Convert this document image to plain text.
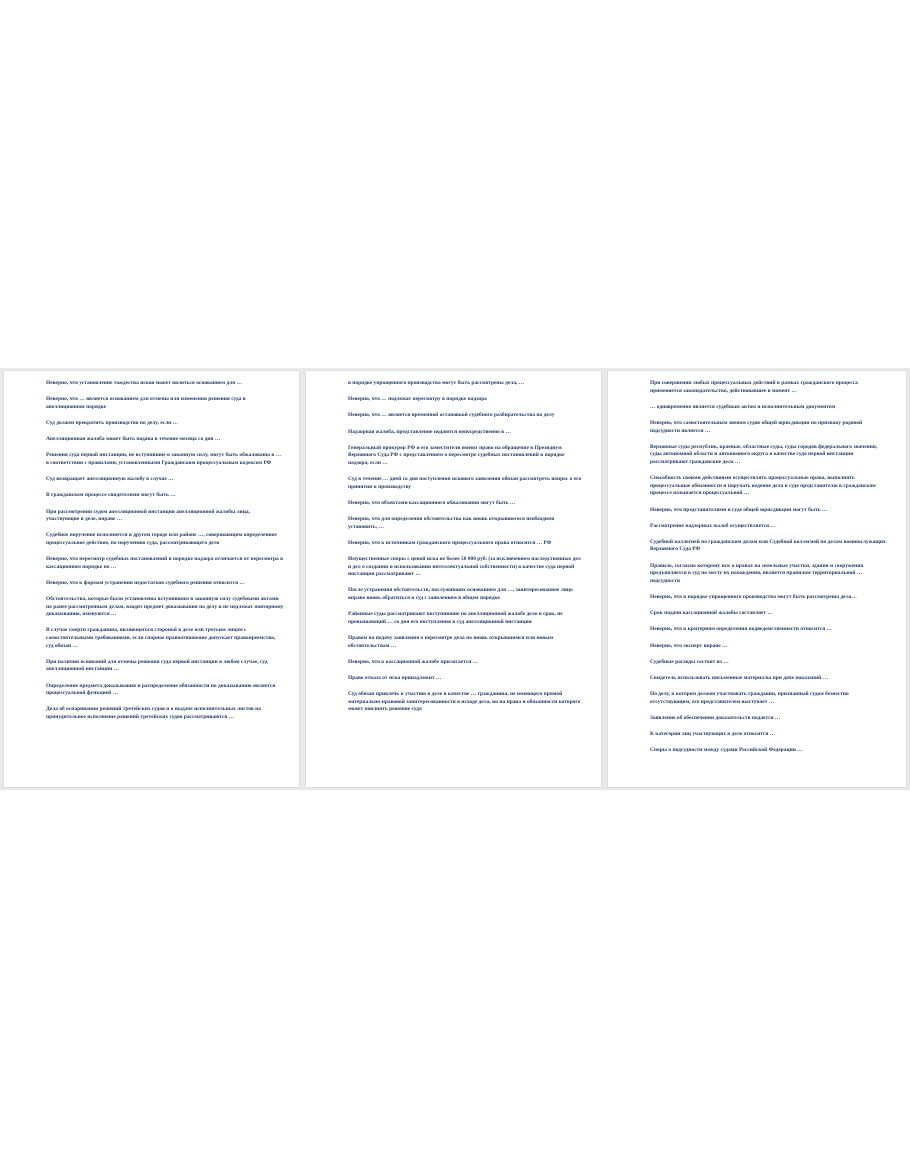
Неверно, что установление тождества исков может являться основанием для …

Неверно, что … является основанием для отмены или изменения решения суда в апелляционном порядке

Суд должен прекратить производство по делу, если …

Апелляционная жалоба может быть подана в течение месяца со дня …

Решения суда первой инстанции, не вступившие в законную силу, могут быть обжалованы в … в соответствии с правилами, установленными Гражданским процессуальным кодексом РФ

Суд возвращает апелляционную жалобу в случае …

В гражданском процессе свидетелями могут быть …

При рассмотрении судом апелляционной инстанции апелляционной жалобы лица, участвующие в деле, вправе …

Судебное поручение исполняется в другом городе или районе …, совершающим определенное процессуальное действие, по поручению суда, рассматривающего дело

Неверно, что пересмотр судебных постановлений в порядке надзора отличается от пересмотра в кассационном порядке по …

Неверно, что к формам устранения недостатков судебного решения относится …

Обстоятельства, которые были установлены вступившим в законную силу судебными актами по ранее рассмотренным делам, входят предмет доказывания по делу и не подлежат повторному доказыванию, именуются …

В случае смерти гражданина, являющегося стороной в деле или третьим лицом с самостоятельными требованиями, если спорное правоотношение допускает правопреемство, суд обязан …

При наличии оснований для отмены решения суда первой инстанции в любом случае, суд апелляционной инстанции …

Определение предмета доказывания и распределение обязанности по доказыванию является процессуальной функцией …

Дела об оспаривании решений третейских судов и о выдаче исполнительных листов на принудительное исполнение решений третейских судов рассматриваются …

в порядке упрощенного производства могут быть рассмотрены дела, …

Неверно, что … подлежат пересмотру в порядке надзора

Неверно, что … является временной остановкой судебного разбирательства по делу

Надзорная жалоба, представление подаются непосредственно в …

Генеральный прокурор РФ и его заместители имеют право на обращение в Президиум Верховного Суда РФ с представлением о пересмотре судебных постановлений в порядке надзора, если …

Суд в течение … дней со дня поступления искового заявления обязан рассмотреть вопрос о его принятии к производству

Неверно, что объектами кассационного обжалования могут быть …

Неверно, что для определения обстоятельства как вновь открывшегося необходимо установить, …

Неверно, что к источникам гражданского процессуального права относится … РФ

Имущественные споры с ценой иска не более 50 000 руб. (за исключением наследственных дел и дел о создании и использовании интеллектуальной собственности) в качестве суда первой инстанции рассматривают …

После устранения обстоятельств, послуживших основанием для …, заинтересованное лицо вправе вновь обратиться в суд с заявлением в общем порядке

Районные суды рассматривают поступившие по апелляционной жалобе дело в срок, не превышающий … со дня его поступления в суд апелляционной инстанции

Правом на подачу заявления о пересмотре дела по вновь открывшимся или новым обстоятельствам …

Неверно, что к кассационной жалобе прилагается …

Право отказа от иска принадлежит …

Суд обязан привлечь к участию в деле в качестве … гражданина, не имеющего прямой материально-правовой заинтересованности в исходе дела, но на права и обязанности которого может повлиять решение суда

При совершении любых процессуальных действий в рамках гражданского процесса применяется законодательство, действовавшее в момент …

… одновременно является судебным актом и исполнительным документом

Неверно, что самостоятельным звеном судов общей юрисдикции по признаку родовой подсудности является …

Верховные суды республик, краевые, областные суды, суды городов федерального значения, суды автономной области и автономного округа в качестве суда первой инстанции рассматривают гражданские дела …

Способность своими действиями осуществлять процессуальные права, выполнять процессуальные обязанности и поручать ведение дела в суде представителю в гражданском процессе называется процессуальной …

Неверно, что представителями в суде общей юрисдикции могут быть …

Рассмотрение надзорных жалоб осуществляется …

Судебной коллегией по гражданским делам или Судебной коллегией по делам военнослужащих Верховного Суда РФ

Правило, согласно которому иск о правах на земельные участки, здания и сооружения предъявляется в суд по месту их нахождения, является правилом территориальной … подсудности

Неверно, что в порядке упрощенного производства могут быть рассмотрены дела…

Срок подачи кассационной жалобы составляет …

Неверно, что к критериям определения подведомственности относится …

Неверно, что эксперт вправе …

Судебные расходы состоит из …

Свидетель использовать письменные материалы при даче показаний …

По делу, в котором должен участвовать гражданин, признанный судом безвестно отсутствующим, его представителем выступает …

Заявление об обеспечении доказательств подается …

К категории лиц участвующих в деле относится …

Споры о подсудности между судами Российской Федерации …
